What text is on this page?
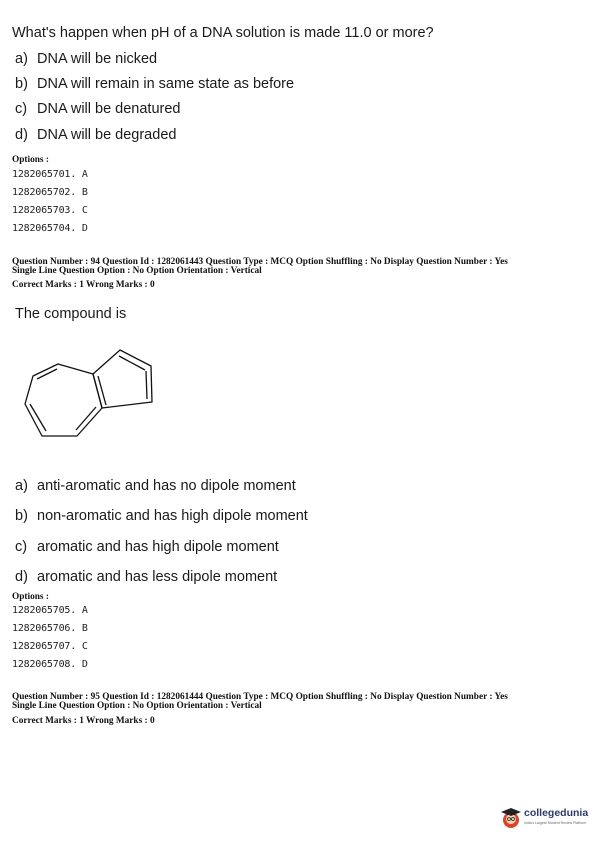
What's happen when pH of a DNA solution is made 11.0 or more?
a) DNA will be nicked
b) DNA will remain in same state as before
c) DNA will be denatured
d) DNA will be degraded
Options :
1282065701. A
1282065702. B
1282065703. C
1282065704. D
Question Number : 94 Question Id : 1282061443 Question Type : MCQ Option Shuffling : No Display Question Number : Yes
Single Line Question Option : No Option Orientation : Vertical
Correct Marks : 1 Wrong Marks : 0
The compound is
a) anti-aromatic and has no dipole moment
b) non-aromatic and has high dipole moment
c) aromatic and has high dipole moment
d) aromatic and has less dipole moment
Options :
1282065705. A
1282065706. B
1282065707. C
1282065708. D
Question Number : 95 Question Id : 1282061444 Question Type : MCQ Option Shuffling : No Display Question Number : Yes
Single Line Question Option : No Option Orientation : Vertical
Correct Marks : 1 Wrong Marks : 0
collegedunia
India's Largest Student Review Platform
